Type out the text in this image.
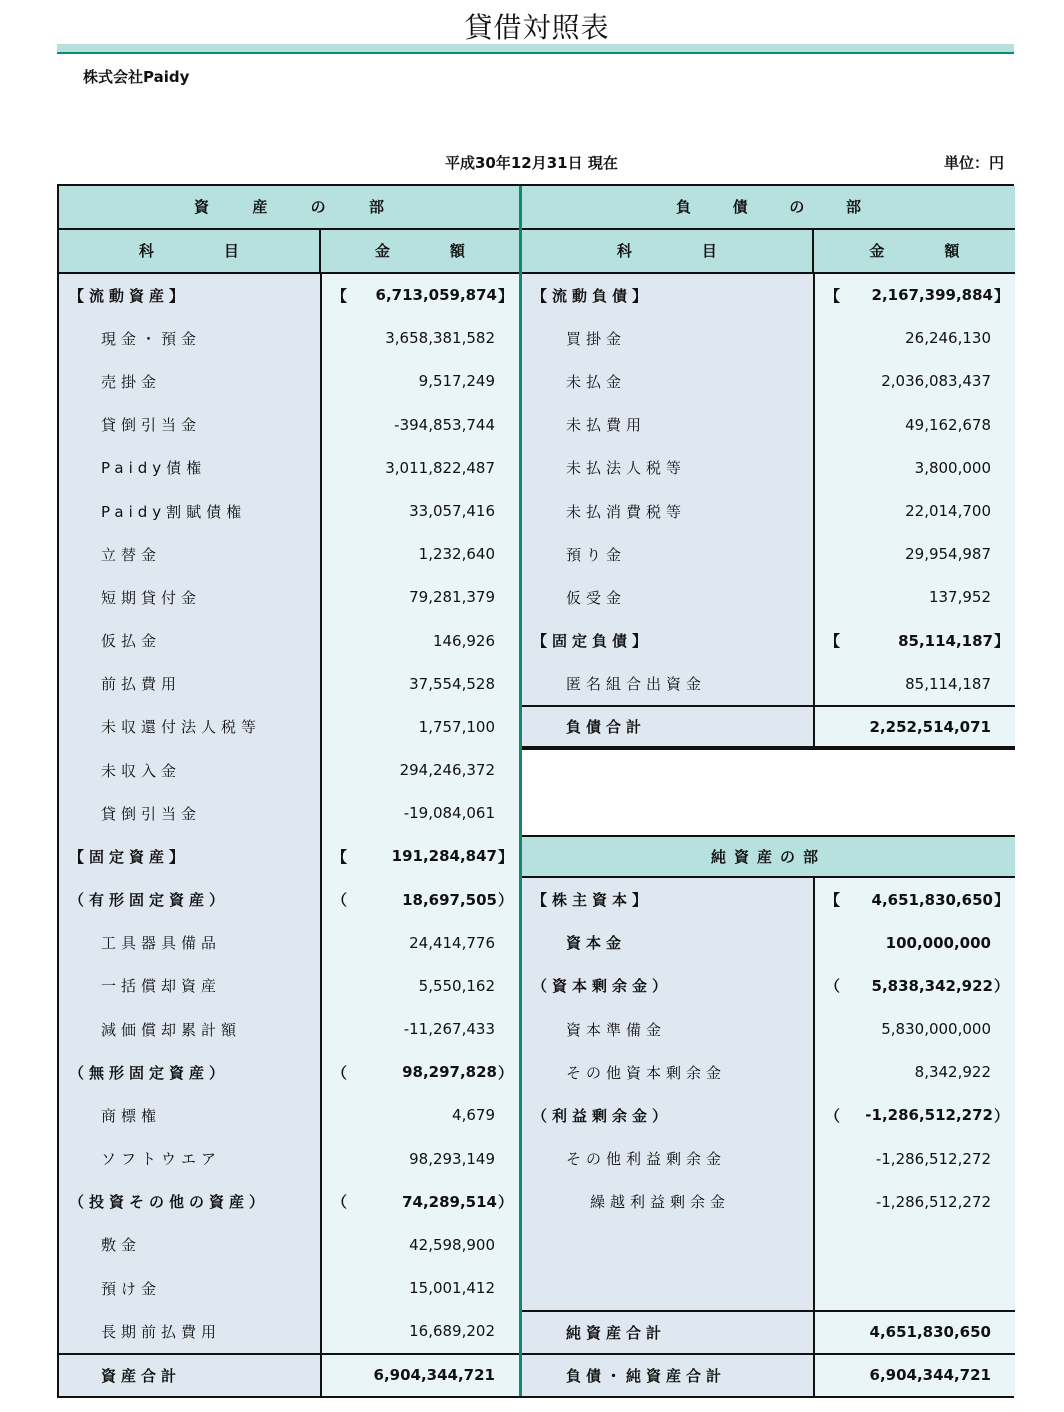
貸借対照表
株式会社Paidy
平成30年12月31日 現在	単位：円
資	産	の	部
科	目	金	額
【流動資産】	【	6,713,059,874 】
現金・預金	3,658,381,582
売掛金	9,517,249
貸倒引当金	-394,853,744
Paidy債権	3,011,822,487
Paidy割賦債権	33,057,416
立替金	1,232,640
短期貸付金	79,281,379
仮払金	146,926
前払費用	37,554,528
未収還付法人税等	1,757,100
未収入金	294,246,372
貸倒引当金	-19,084,061
【固定資産】	【	191,284,847 】
（有形固定資産）	（	18,697,505 ）
工具器具備品	24,414,776
一括償却資産	5,550,162
減価償却累計額	-11,267,433
（無形固定資産）	（	98,297,828 ）
商標権	4,679
ソフトウエア	98,293,149
（投資その他の資産）	（	74,289,514 ）
敷金	42,598,900
預け金	15,001,412
長期前払費用	16,689,202
資産合計	6,904,344,721
負	債	の	部
科	目	金	額
【流動負債】	【	2,167,399,884 】
買掛金	26,246,130
未払金	2,036,083,437
未払費用	49,162,678
未払法人税等	3,800,000
未払消費税等	22,014,700
預り金	29,954,987
仮受金	137,952
【固定負債】	【	85,114,187 】
匿名組合出資金	85,114,187
負債合計	2,252,514,071
純資産の部
【株主資本】	【	4,651,830,650 】
資本金	100,000,000
（資本剰余金）	（	5,838,342,922 ）
資本準備金	5,830,000,000
その他資本剰余金	8,342,922
（利益剰余金）	（	-1,286,512,272 ）
その他利益剰余金	-1,286,512,272
繰越利益剰余金	-1,286,512,272
純資産合計	4,651,830,650
負債・純資産合計	6,904,344,721
